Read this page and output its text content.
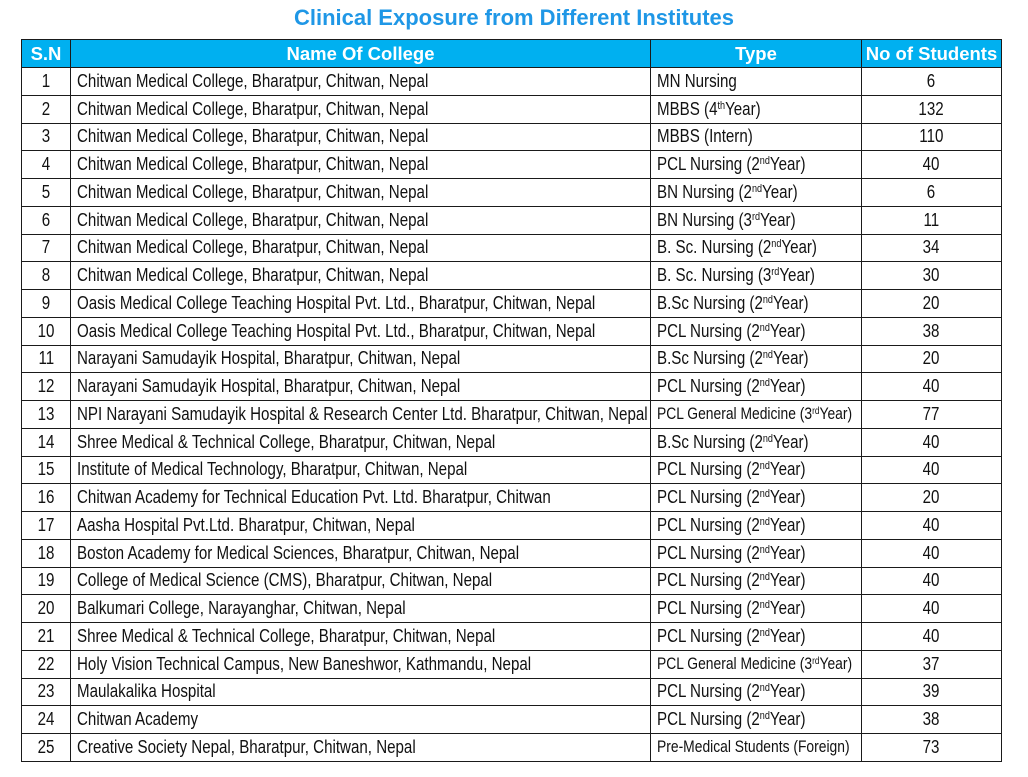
Clinical Exposure from Different Institutes
S.N	Name Of College	Type	No of Students
1	Chitwan Medical College, Bharatpur, Chitwan, Nepal	MN Nursing	6
2	Chitwan Medical College, Bharatpur, Chitwan, Nepal	MBBS (4thYear)	132
3	Chitwan Medical College, Bharatpur, Chitwan, Nepal	MBBS (Intern)	110
4	Chitwan Medical College, Bharatpur, Chitwan, Nepal	PCL Nursing (2ndYear)	40
5	Chitwan Medical College, Bharatpur, Chitwan, Nepal	BN Nursing (2ndYear)	6
6	Chitwan Medical College, Bharatpur, Chitwan, Nepal	BN Nursing (3rdYear)	11
7	Chitwan Medical College, Bharatpur, Chitwan, Nepal	B. Sc. Nursing (2ndYear)	34
8	Chitwan Medical College, Bharatpur, Chitwan, Nepal	B. Sc. Nursing (3rdYear)	30
9	Oasis Medical College Teaching Hospital Pvt. Ltd., Bharatpur, Chitwan, Nepal	B.Sc Nursing (2ndYear)	20
10	Oasis Medical College Teaching Hospital Pvt. Ltd., Bharatpur, Chitwan, Nepal	PCL Nursing (2ndYear)	38
11	Narayani Samudayik Hospital, Bharatpur, Chitwan, Nepal	B.Sc Nursing (2ndYear)	20
12	Narayani Samudayik Hospital, Bharatpur, Chitwan, Nepal	PCL Nursing (2ndYear)	40
13	NPI Narayani Samudayik Hospital & Research Center Ltd. Bharatpur, Chitwan, Nepal	PCL General Medicine (3rdYear)	77
14	Shree Medical & Technical College, Bharatpur, Chitwan, Nepal	B.Sc Nursing (2ndYear)	40
15	Institute of Medical Technology, Bharatpur, Chitwan, Nepal	PCL Nursing (2ndYear)	40
16	Chitwan Academy for Technical Education Pvt. Ltd. Bharatpur, Chitwan	PCL Nursing (2ndYear)	20
17	Aasha Hospital Pvt.Ltd. Bharatpur, Chitwan, Nepal	PCL Nursing (2ndYear)	40
18	Boston Academy for Medical Sciences, Bharatpur, Chitwan, Nepal	PCL Nursing (2ndYear)	40
19	College of Medical Science (CMS), Bharatpur, Chitwan, Nepal	PCL Nursing (2ndYear)	40
20	Balkumari College, Narayanghar, Chitwan, Nepal	PCL Nursing (2ndYear)	40
21	Shree Medical & Technical College, Bharatpur, Chitwan, Nepal	PCL Nursing (2ndYear)	40
22	Holy Vision Technical Campus, New Baneshwor, Kathmandu, Nepal	PCL General Medicine (3rdYear)	37
23	Maulakalika Hospital	PCL Nursing (2ndYear)	39
24	Chitwan Academy	PCL Nursing (2ndYear)	38
25	Creative Society Nepal, Bharatpur, Chitwan, Nepal	Pre-Medical Students (Foreign)	73
